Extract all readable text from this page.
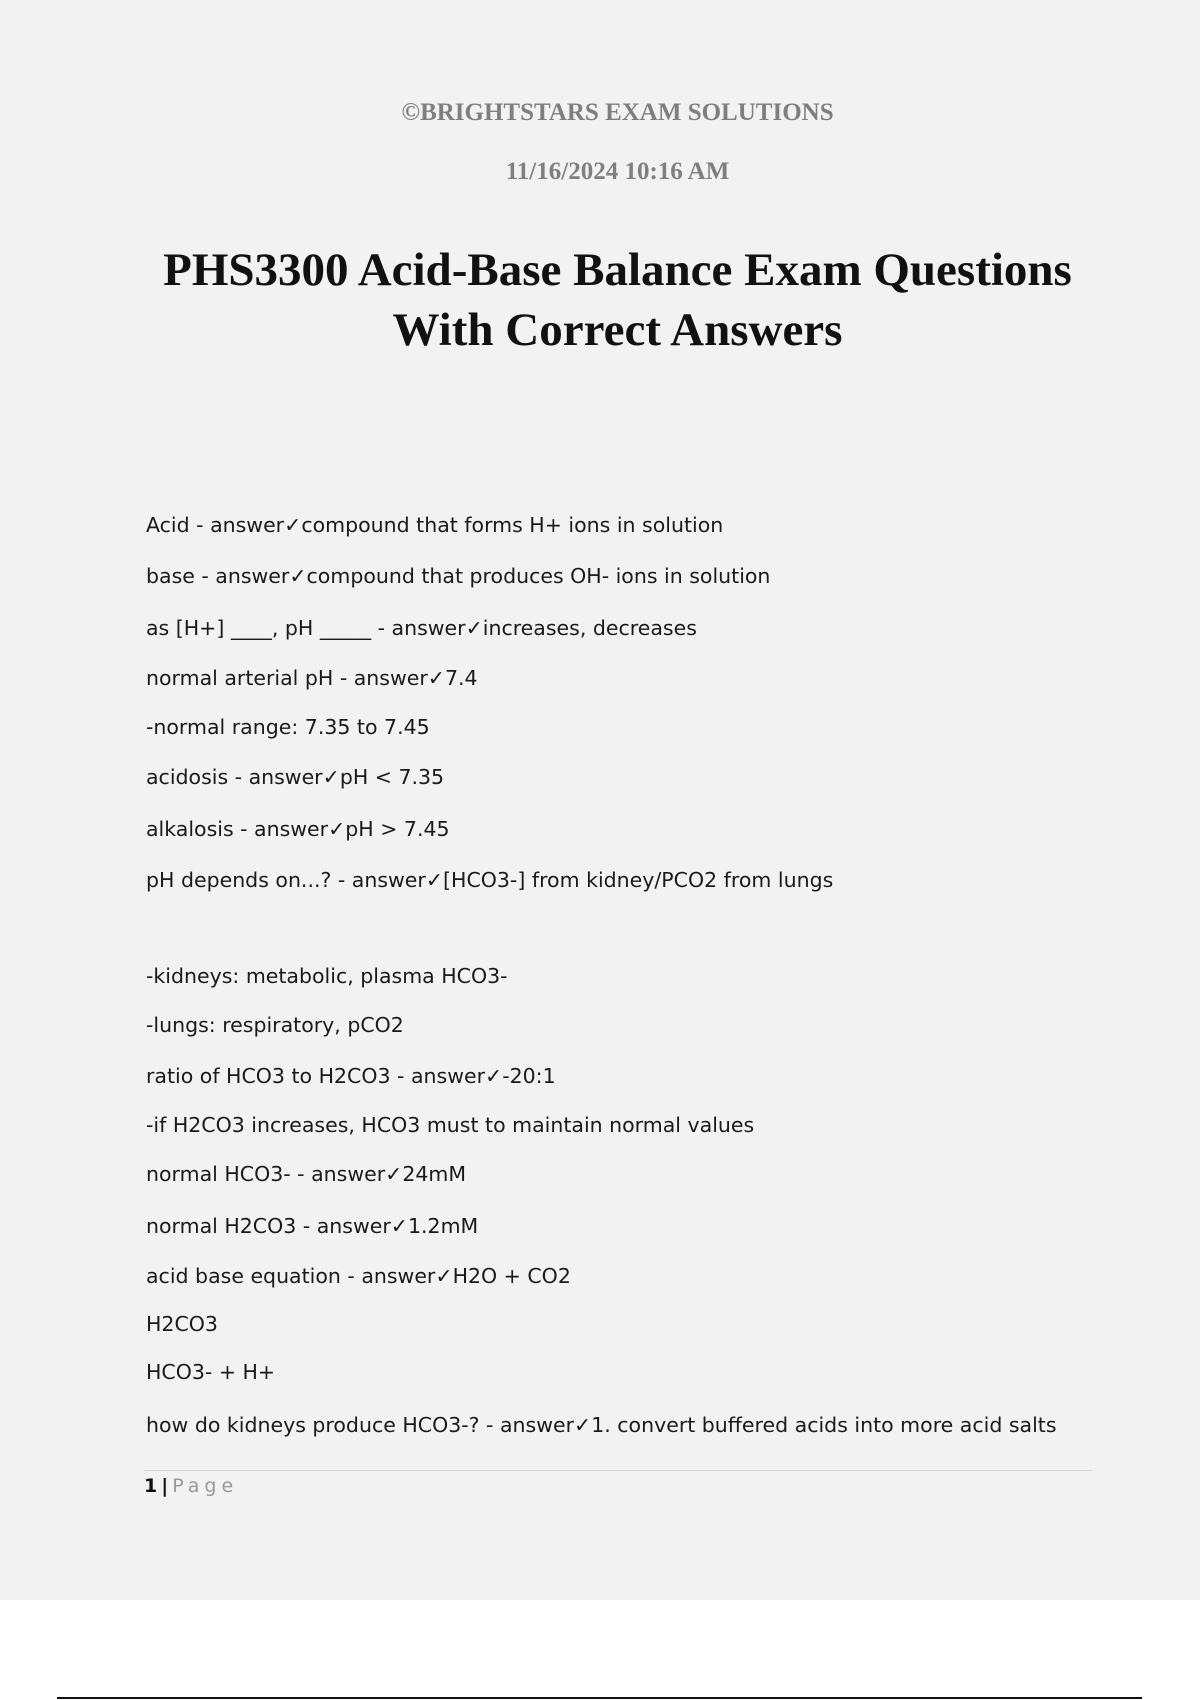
©BRIGHTSTARS EXAM SOLUTIONS
11/16/2024 10:16 AM
PHS3300 Acid-Base Balance Exam Questions
With Correct Answers

Acid - answer✓compound that forms H+ ions in solution

base - answer✓compound that produces OH- ions in solution

as [H+] ____, pH _____ - answer✓increases, decreases

normal arterial pH - answer✓7.4

-normal range: 7.35 to 7.45

acidosis - answer✓pH < 7.35

alkalosis - answer✓pH > 7.45

pH depends on...? - answer✓[HCO3-] from kidney/PCO2 from lungs

-kidneys: metabolic, plasma HCO3-

-lungs: respiratory, pCO2

ratio of HCO3 to H2CO3 - answer✓-20:1

-if H2CO3 increases, HCO3 must to maintain normal values

normal HCO3- - answer✓24mM

normal H2CO3 - answer✓1.2mM

acid base equation - answer✓H2O + CO2

H2CO3

HCO3- + H+

how do kidneys produce HCO3-? - answer✓1. convert buffered acids into more acid salts

1 | Page
